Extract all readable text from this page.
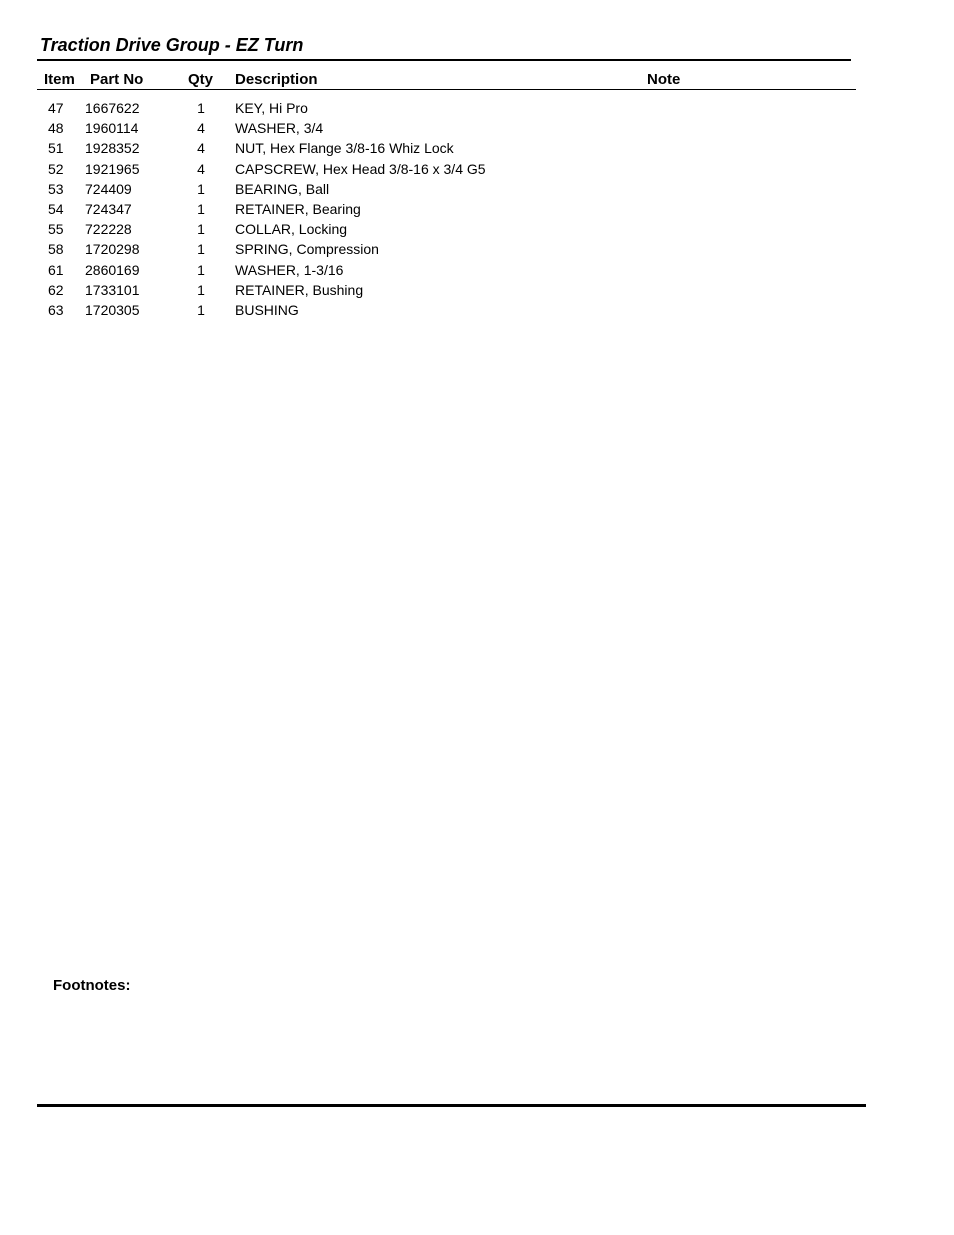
Traction Drive Group - EZ Turn
Item Part No	Qty Description	Note
47 1667622	1 KEY, Hi Pro
48 1960114	4 WASHER, 3/4
51 1928352	4 NUT, Hex Flange 3/8-16 Whiz Lock
52 1921965	4 CAPSCREW, Hex Head 3/8-16 x 3/4 G5
53 724409	1 BEARING, Ball
54 724347	1 RETAINER, Bearing
55 722228	1 COLLAR, Locking
58 1720298	1 SPRING, Compression
61 2860169	1 WASHER, 1-3/16
62 1733101	1 RETAINER, Bushing
63 1720305	1 BUSHING
Footnotes:
